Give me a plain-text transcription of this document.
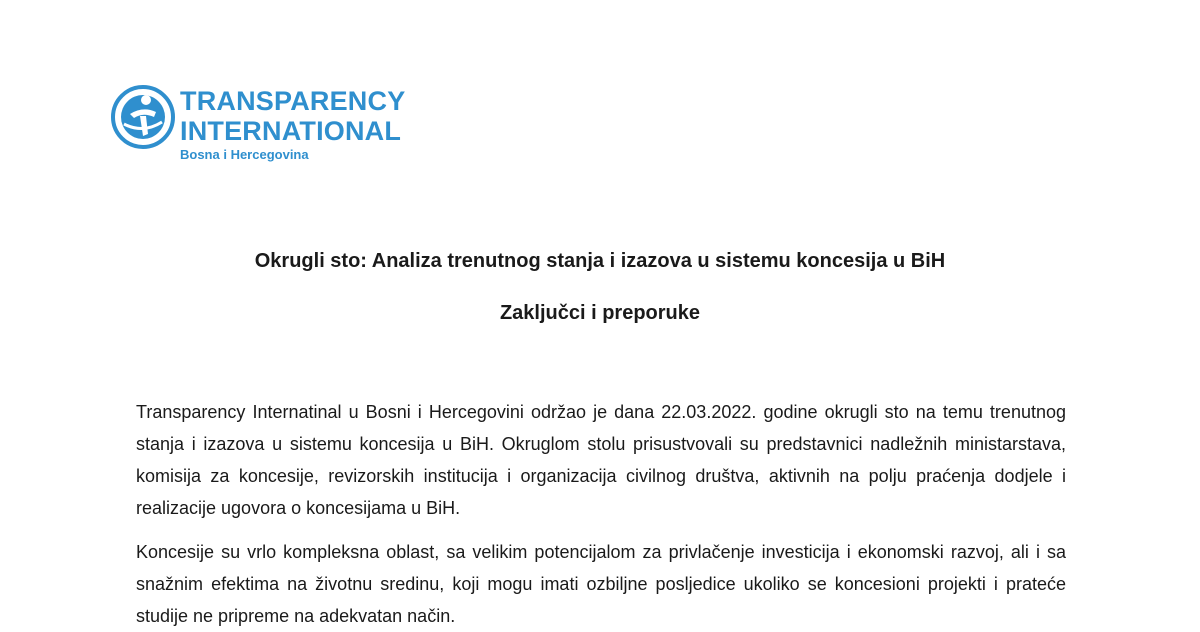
TRANSPARENCY
INTERNATIONAL
Bosna i Hercegovina
Okrugli sto: Analiza trenutnog stanja i izazova u sistemu koncesija u BiH
Zaključci i preporuke
Transparency Internatinal u Bosni i Hercegovini održao je dana 22.03.2022. godine okrugli sto na temu trenutnog stanja i izazova u sistemu koncesija u BiH. Okruglom stolu prisustvovali su predstavnici nadležnih ministarstava, komisija za koncesije, revizorskih institucija i organizacija civilnog društva, aktivnih na polju praćenja dodjele i realizacije ugovora o koncesijama u BiH.
Koncesije su vrlo kompleksna oblast, sa velikim potencijalom za privlačenje investicija i ekonomski razvoj, ali i sa snažnim efektima na životnu sredinu, koji mogu imati ozbiljne posljedice ukoliko se koncesioni projekti i prateće studije ne pripreme na adekvatan način.
